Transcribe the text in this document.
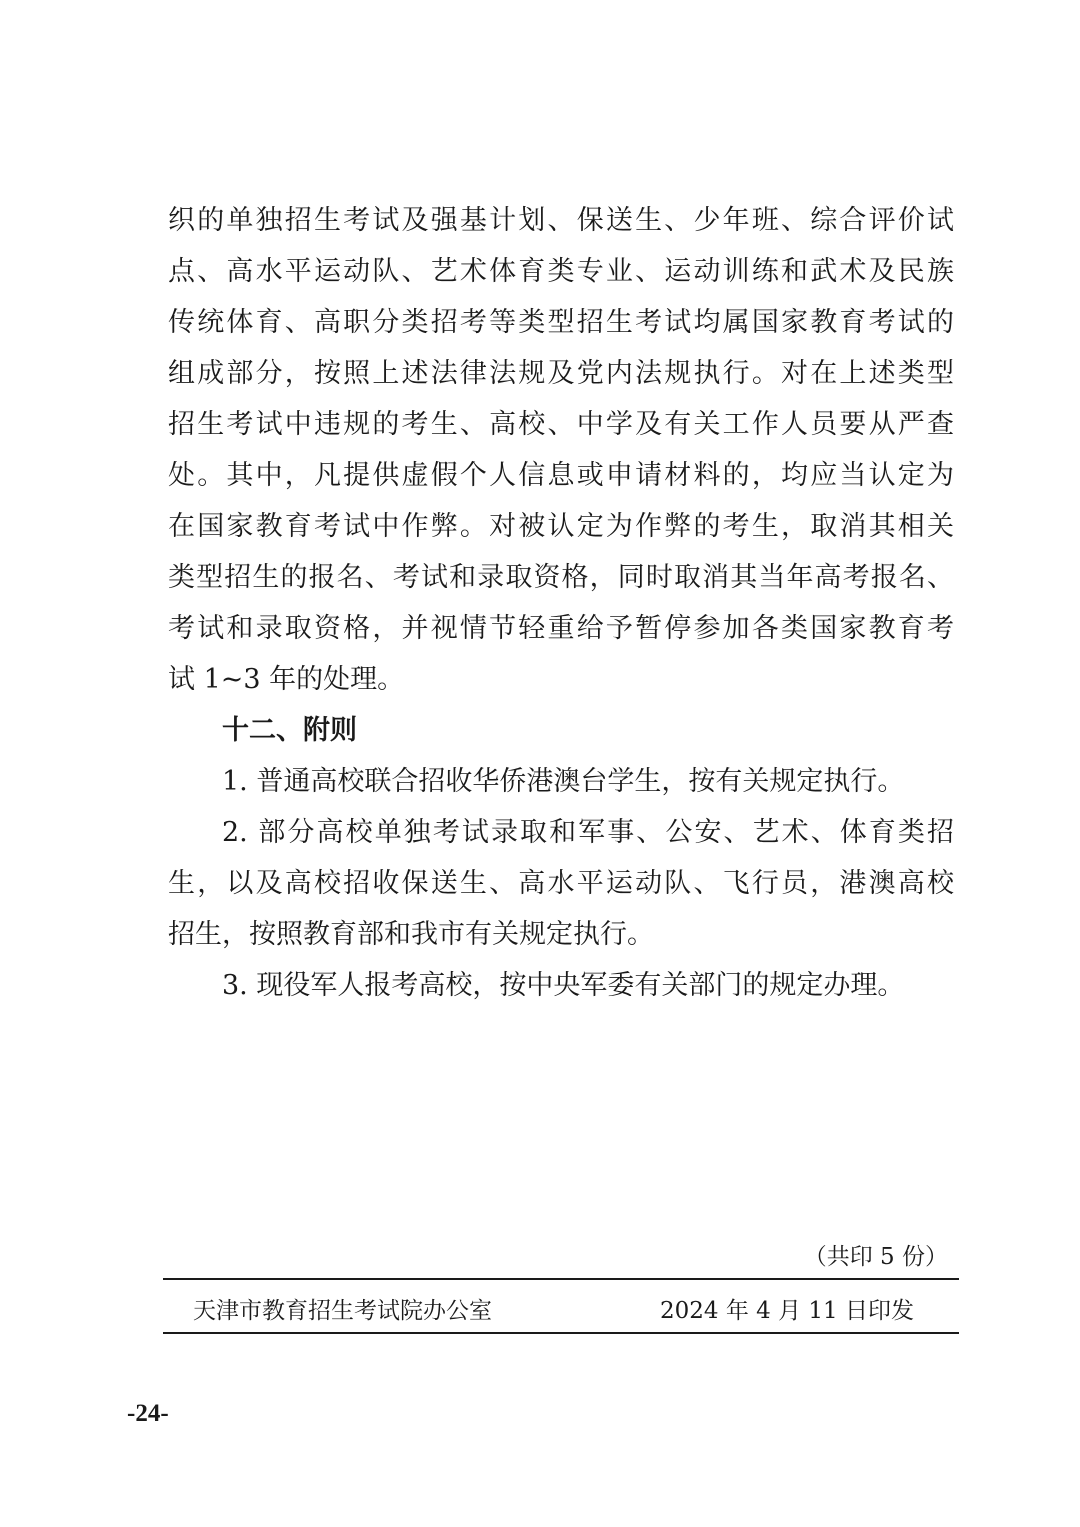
织的单独招生考试及强基计划、保送生、少年班、综合评价试
点、高水平运动队、艺术体育类专业、运动训练和武术及民族
传统体育、高职分类招考等类型招生考试均属国家教育考试的
组成部分，按照上述法律法规及党内法规执行。对在上述类型
招生考试中违规的考生、高校、中学及有关工作人员要从严查
处。其中，凡提供虚假个人信息或申请材料的，均应当认定为
在国家教育考试中作弊。对被认定为作弊的考生，取消其相关
类型招生的报名、考试和录取资格，同时取消其当年高考报名、
考试和录取资格，并视情节轻重给予暂停参加各类国家教育考
试 1~3 年的处理。
十二、附则
1. 普通高校联合招收华侨港澳台学生，按有关规定执行。
2. 部分高校单独考试录取和军事、公安、艺术、体育类招
生，以及高校招收保送生、高水平运动队、飞行员，港澳高校
招生，按照教育部和我市有关规定执行。
3. 现役军人报考高校，按中央军委有关部门的规定办理。
（共印 5 份）
天津市教育招生考试院办公室	2024 年 4 月 11 日印发
-24-
